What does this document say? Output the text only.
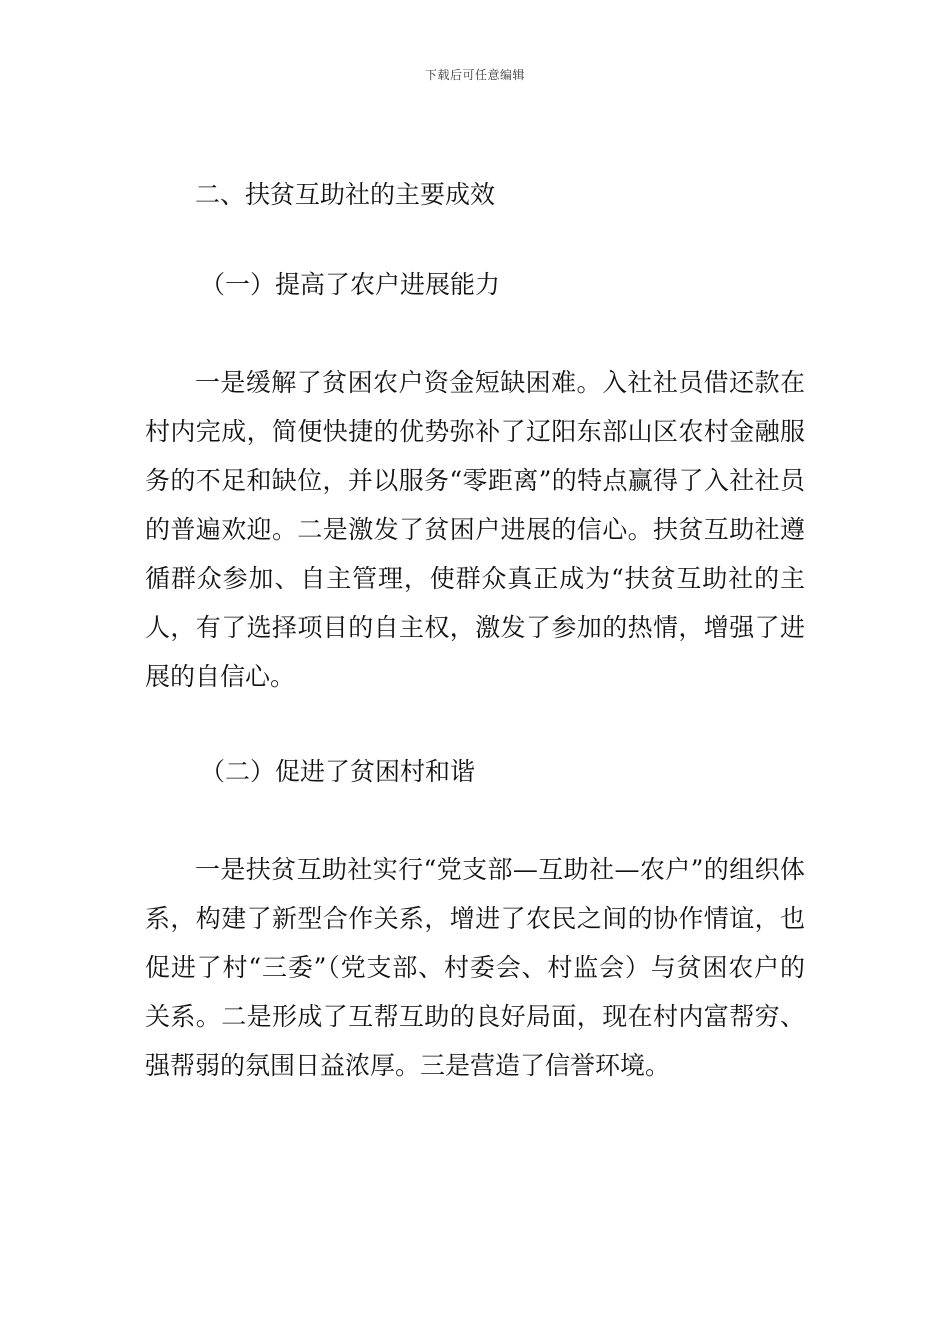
下载后可任意编辑
二、扶贫互助社的主要成效
（一）提高了农户进展能力

一是缓解了贫困农户资金短缺困难。入社社员借还款在村内完成，简便快捷的优势弥补了辽阳东部山区农村金融服务的不足和缺位，并以服务“零距离”的特点赢得了入社社员的普遍欢迎。二是激发了贫困户进展的信心。扶贫互助社遵循群众参加、自主管理，使群众真正成为“扶贫互助社的主人，有了选择项目的自主权，激发了参加的热情，增强了进展的自信心。

（二）促进了贫困村和谐

一是扶贫互助社实行“党支部—互助社—农户”的组织体系，构建了新型合作关系，增进了农民之间的协作情谊，也促进了村“三委”（党支部、村委会、村监会）与贫困农户的关系。二是形成了互帮互助的良好局面，现在村内富帮穷、强帮弱的氛围日益浓厚。三是营造了信誉环境。
